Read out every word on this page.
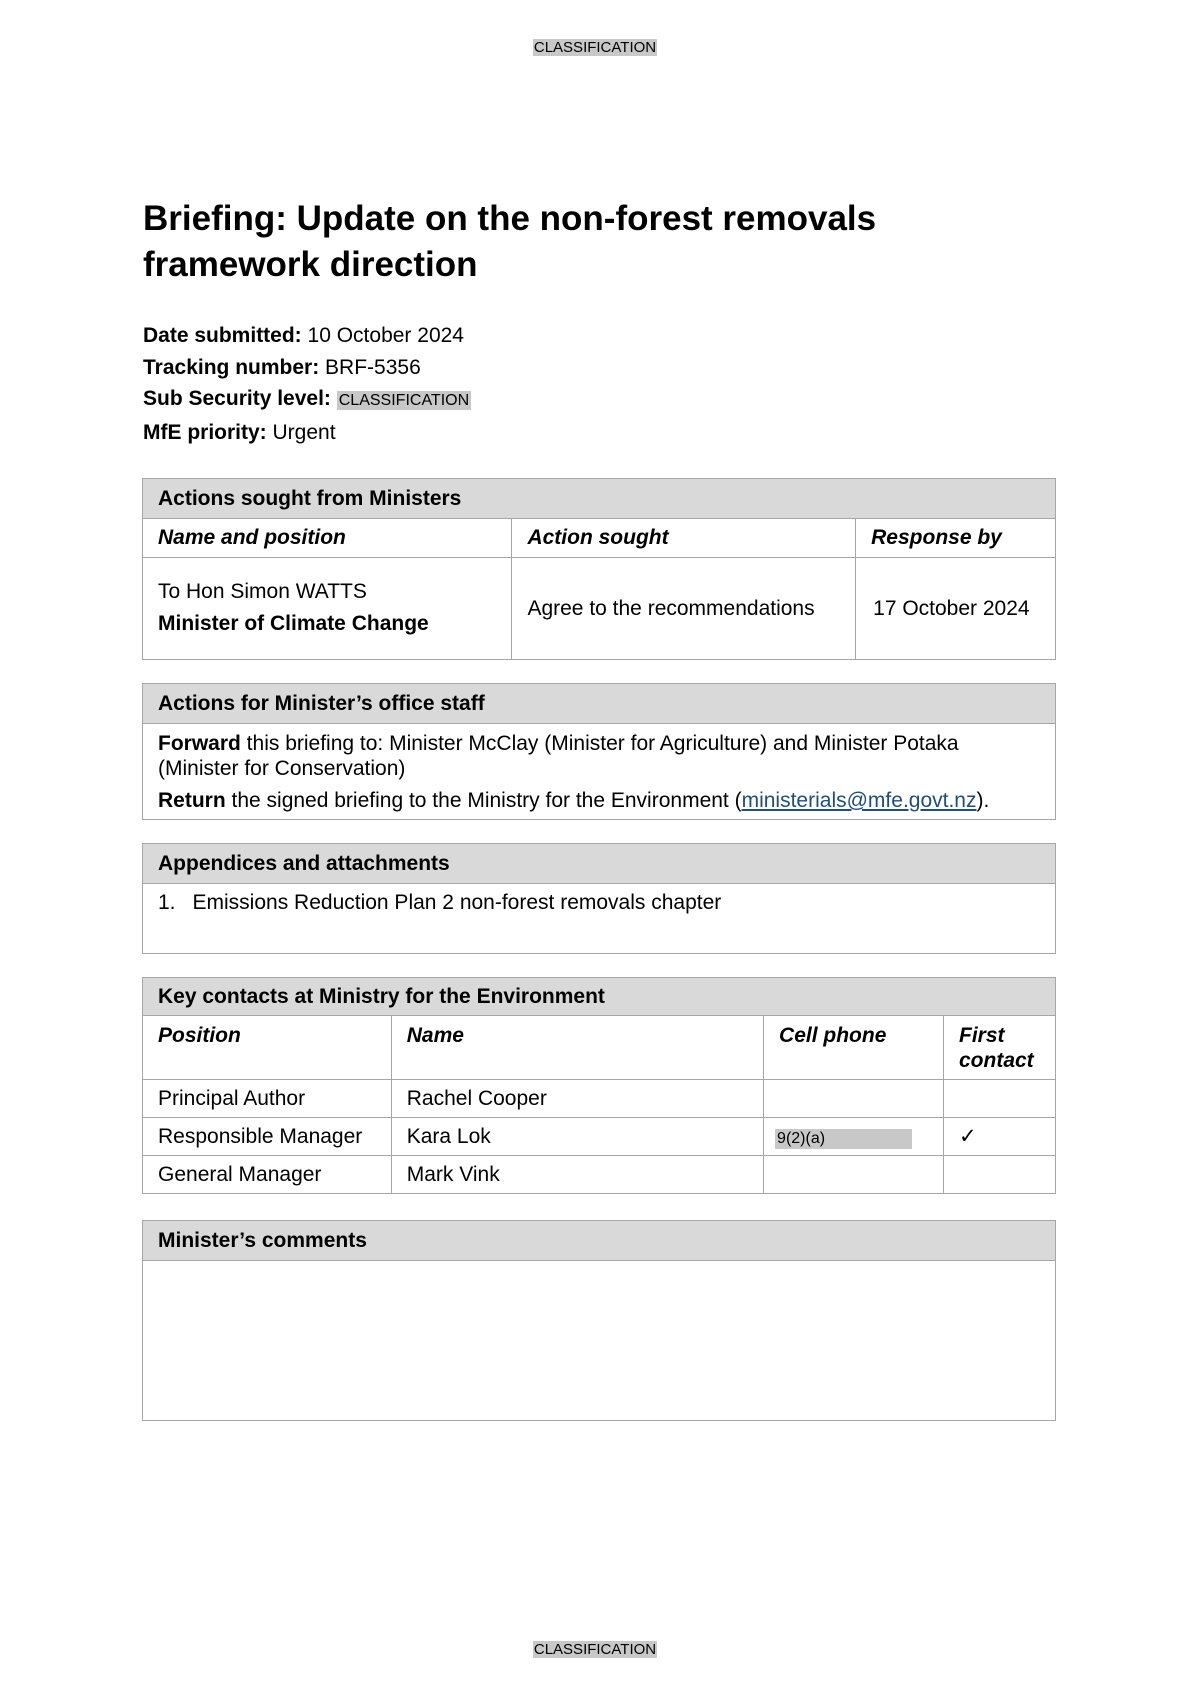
CLASSIFICATION
Briefing: Update on the non-forest removals framework direction
Date submitted: 10 October 2024
Tracking number: BRF-5356
Sub Security level: CLASSIFICATION
MfE priority: Urgent
Actions sought from Ministers		
Name and position	Action sought	Response by

To Hon Simon WATTS
Minister of Climate Change	Agree to the recommendations	17 October 2024
Actions for Minister’s office staff

Forward this briefing to: Minister McClay (Minister for Agriculture) and Minister Potaka (Minister for Conservation)
Return the signed briefing to the Ministry for the Environment (ministerials@mfe.govt.nz).
Appendices and attachments
1. Emissions Reduction Plan 2 non-forest removals chapter
Key contacts at Ministry for the Environment			
Position	Name	Cell phone	First contact
Principal Author	Rachel Cooper		
Responsible Manager	Kara Lok	9(2)(a)	✓
General Manager	Mark Vink		
Minister’s comments

CLASSIFICATION
